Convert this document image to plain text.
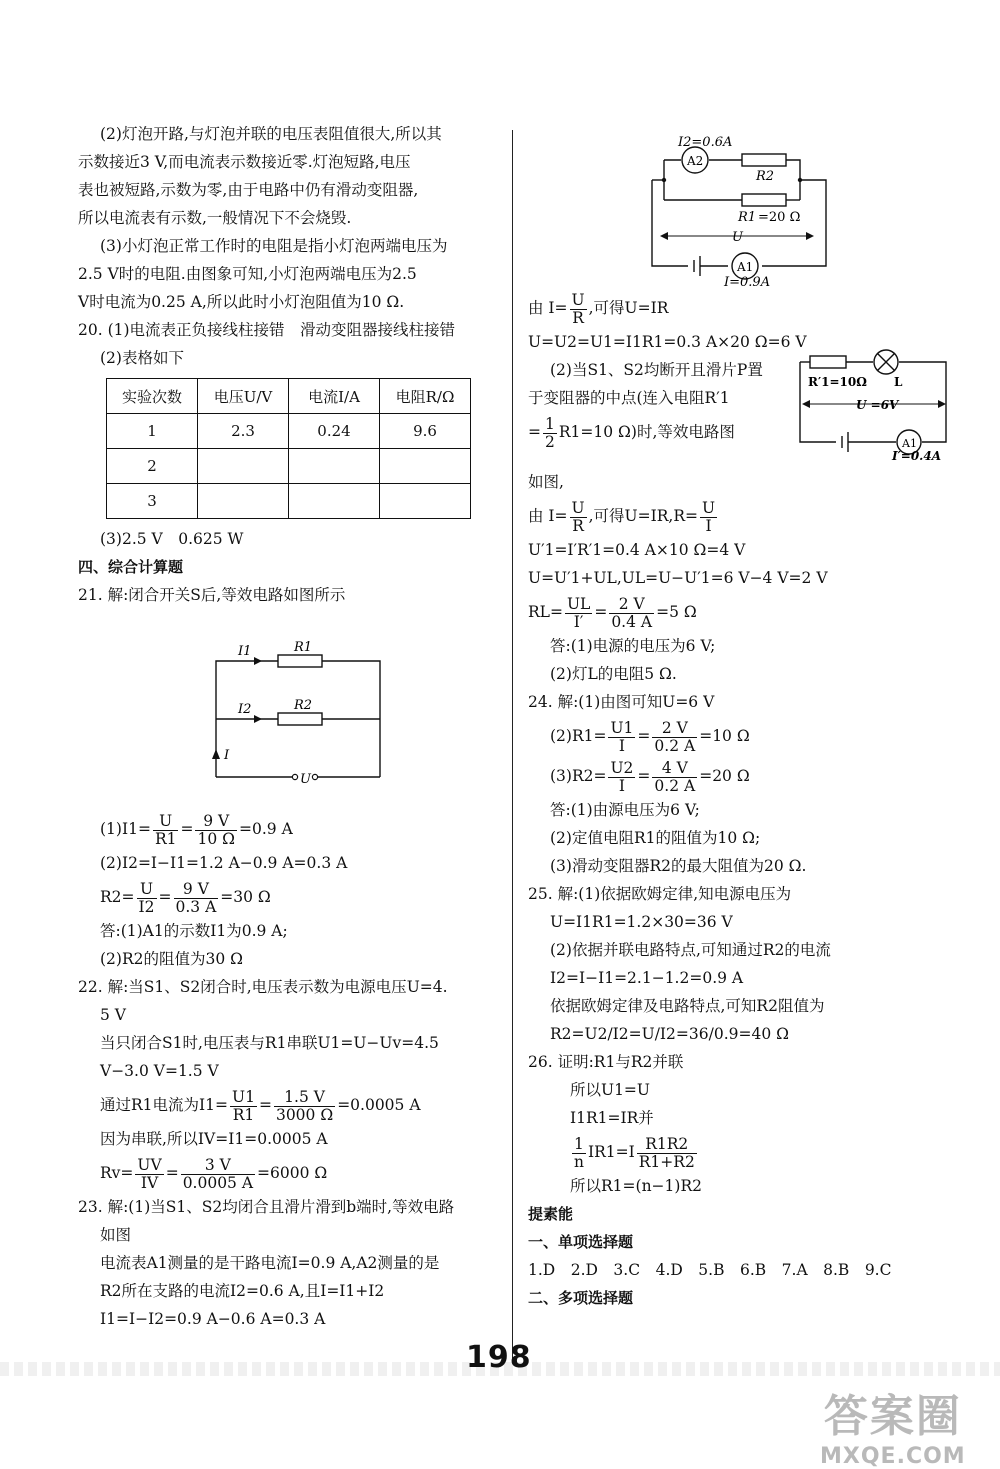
(2)灯泡开路,与灯泡并联的电压表阻值很大,所以其
示数接近3 V,而电流表示数接近零.灯泡短路,电压
表也被短路,示数为零,由于电路中仍有滑动变阻器,
所以电流表有示数,一般情况下不会烧毁.
(3)小灯泡正常工作时的电阻是指小灯泡两端电压为
2.5 V时的电阻.由图象可知,小灯泡两端电压为2.5
V时电流为0.25 A,所以此时小灯泡阻值为10 Ω.
20. (1)电流表正负接线柱接错　滑动变阻器接线柱接错
(2)表格如下
实验次数	电压U/V	电流I/A	电阻R/Ω
1	2.3	0.24	9.6
2			
3			
(3)2.5 V　0.625 W
四、综合计算题
21. 解:闭合开关S后,等效电路如图所示
I1	R1
I2	R2
I
U
$(1)I1= \frac{U}{R1} = \frac{9 V}{10 \Omega} =0.9$ A
(2)I2=I−I1=1.2 A−0.9 A=0.3 A
$R2= \frac{U}{I2} = \frac{9 V}{0.3 A} =30$ Ω
答:(1)A1的示数I1为0.9 A;
(2)R2的阻值为30 Ω
22. 解:当S1、S2闭合时,电压表示数为电源电压U=4.
5 V
当只闭合S1时,电压表与R1串联U1=U−Uv=4.5
V−3.0 V=1.5 V
通过R1电流为$I1= \frac{U1}{R1} = \frac{1.5 V}{3000 \Omega} =0.0005$ A
因为串联,所以IV=I1=0.0005 A
$Rv= \frac{UV}{IV} = \frac{3 V}{0.0005 A} =6000$ Ω
23. 解:(1)当S1、S2均闭合且滑片滑到b端时,等效电路
如图
电流表A1测量的是干路电流I=0.9 A,A2测量的是
R2所在支路的电流I2=0.6 A,且I=I1+I2
I1=I−I2=0.9 A−0.6 A=0.3 A
I2=0.6A
A2
R2
R1 =20 Ω
U
A1
I=0.9A
由 $I= \frac{U}{R}$ ,可得U=IR
U=U2=U1=I1R1=0.3 A×20 Ω=6 V
(2)当S1、S2均断开且滑片P置
于变阻器的中点(连入电阻R′1
= $\frac{1}{2} R1=10$ Ω)时,等效电路图
R′1=10Ω L
U =6V
A1
I′=0.4A
如图,
由 $I= \frac{U}{R}$ ,可得$U=IR,R= \frac{U}{I}$
U′1=I′R′1=0.4 A×10 Ω=4 V
U=U′1+UL,UL=U−U′1=6 V−4 V=2 V
$RL= \frac{UL}{I'} = \frac{2 V}{0.4 A} =5$ Ω
答:(1)电源的电压为6 V;
(2)灯L的电阻5 Ω.
24. 解:(1)由图可知U=6 V
$(2)R1= \frac{U1}{I} = \frac{2 V}{0.2 A} =10$ Ω
$(3)R2= \frac{U2}{I} = \frac{4 V}{0.2 A} =20$ Ω
答:(1)由源电压为6 V;
(2)定值电阻R1的阻值为10 Ω;
(3)滑动变阻器R2的最大阻值为20 Ω.
25. 解:(1)依据欧姆定律,知电源电压为
U=I1R1=1.2×30=36 V
(2)依据并联电路特点,可知通过R2的电流
I2=I−I1=2.1−1.2=0.9 A
依据欧姆定律及电路特点,可知R2阻值为
R2=U2/I2=U/I2=36/0.9=40 Ω
26. 证明:R1与R2并联
所以U1=U
I1R1=IR并
$\frac{1}{n} IR1=I \frac{R1R2}{R1+R2}$
所以R1=(n−1)R2
提素能
一、单项选择题
1.D　2.D　3.C　4.D　5.B　6.B　7.A　8.B　9.C
二、多项选择题
198
答案圈
MXQE.COM
